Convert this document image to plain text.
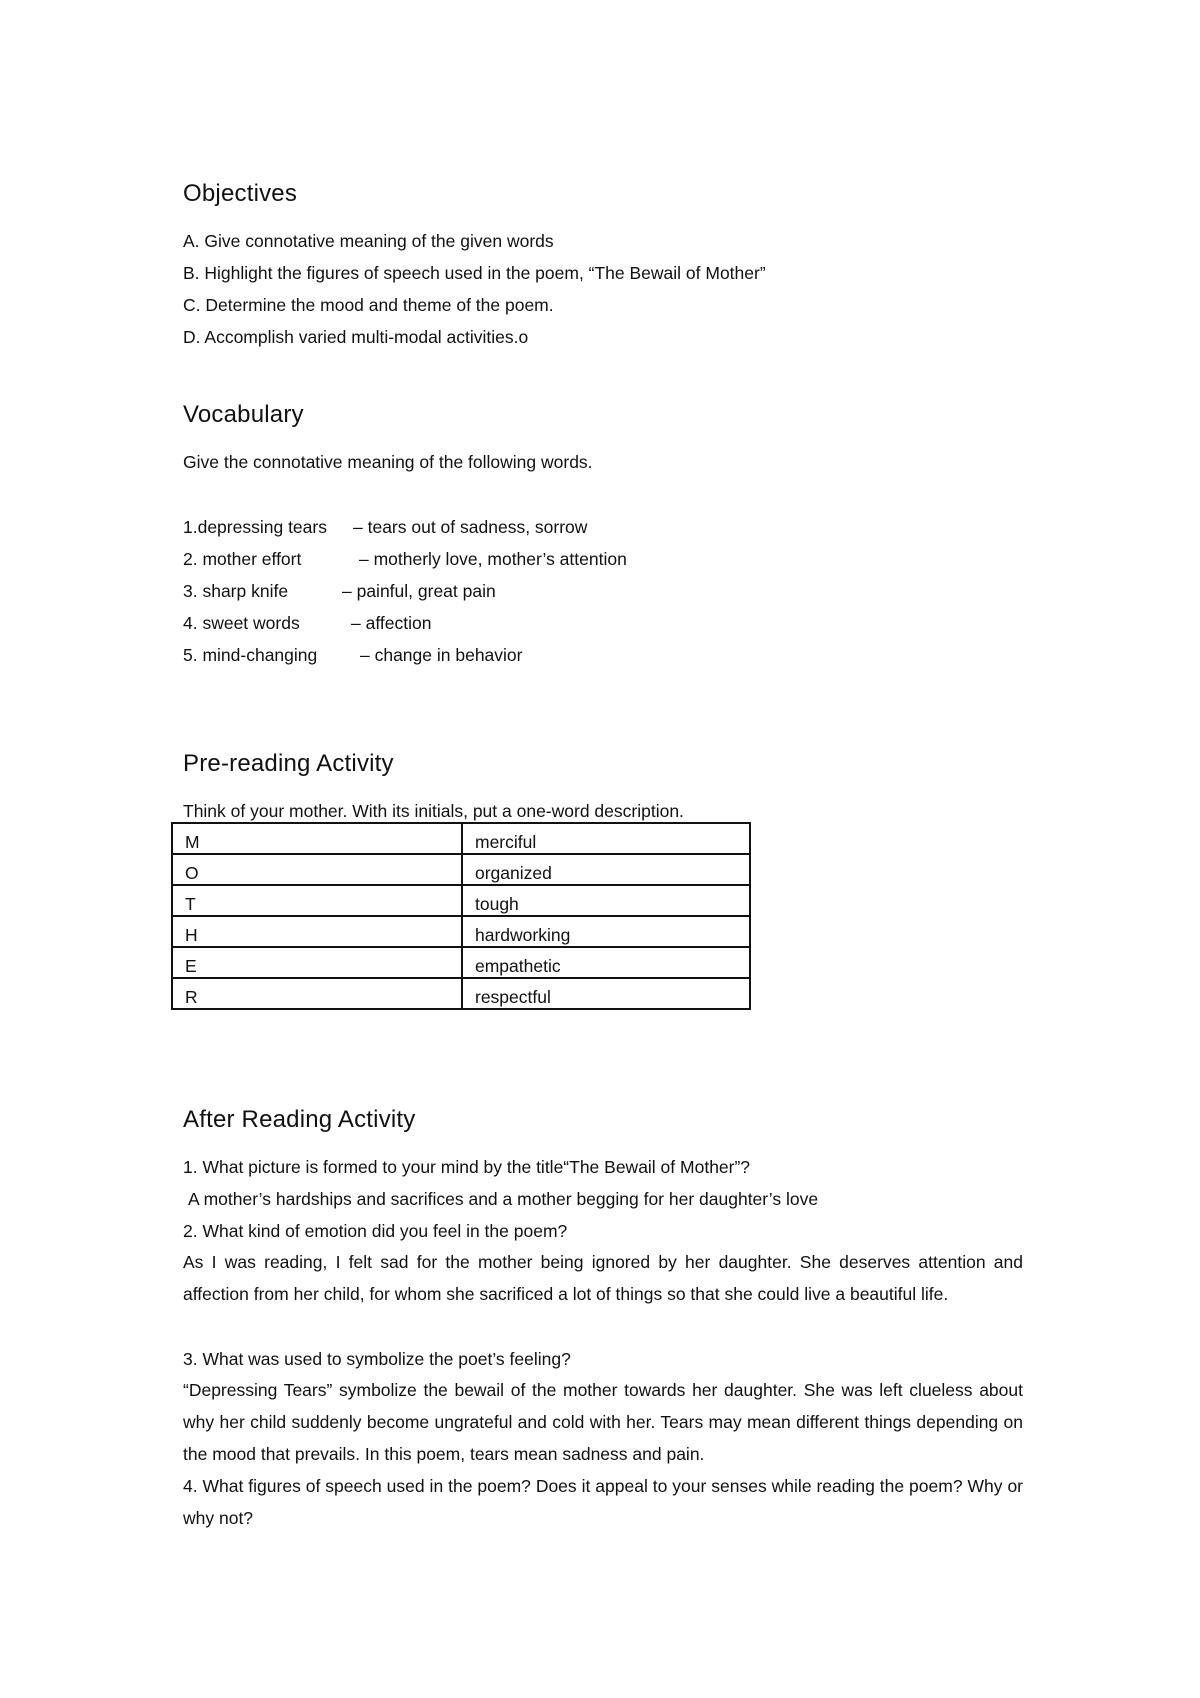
Objectives

A. Give connotative meaning of the given words

B. Highlight the figures of speech used in the poem, “The Bewail of Mother”

C. Determine the mood and theme of the poem.

D. Accomplish varied multi-modal activities.o

Vocabulary

Give the connotative meaning of the following words.

1.depressing tears – tears out of sadness, sorrow

2. mother effort	– motherly love, mother’s attention

3. sharp knife	– painful, great pain

4. sweet words	– affection

5. mind-changing – change in behavior

Pre-reading Activity

Think of your mother. With its initials, put a one-word description.

M	merciful
O	organized
T	tough
H	hardworking
E	empathetic
R	respectful
After Reading Activity

1. What picture is formed to your mind by the title“The Bewail of Mother”?

A mother’s hardships and sacrifices and a mother begging for her daughter’s love

2. What kind of emotion did you feel in the poem?

As I was reading, I felt sad for the mother being ignored by her daughter. She deserves attention and affection from her child, for whom she sacrificed a lot of things so that she could live a beautiful life.

3. What was used to symbolize the poet’s feeling?

“Depressing Tears” symbolize the bewail of the mother towards her daughter. She was left clueless about why her child suddenly become ungrateful and cold with her. Tears may mean different things depending on the mood that prevails. In this poem, tears mean sadness and pain.

4. What figures of speech used in the poem? Does it appeal to your senses while reading the poem? Why or why not?
